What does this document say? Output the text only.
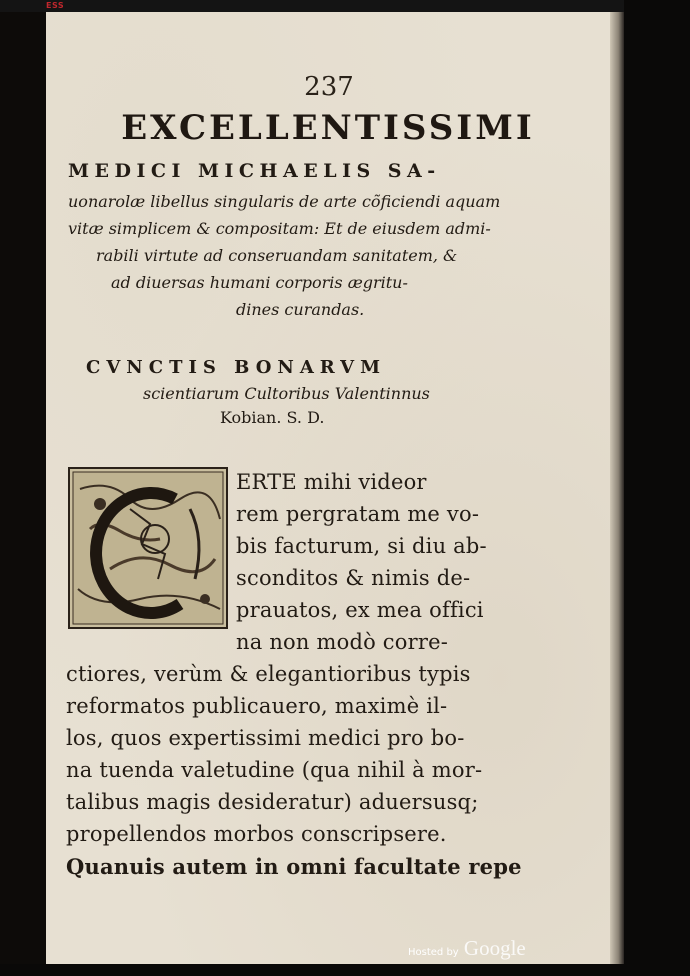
ESS
237
EXCELLENTISSIMI
MEDICI MICHAELIS SA-
uonarolæ libellus singularis de arte cõficiendi aquam
vitæ simplicem & compositam: Et de eiusdem admi-
rabili virtute ad conseruandam sanitatem, &
ad diuersas humani corporis ægritu-
dines curandas.
CVNCTIS BONARVM
scientiarum Cultoribus Valentinnus
Kobian. S. D.
ERTE mihi videor
rem pergratam me vo-
bis facturum, si diu ab-
sconditos & nimis de-
prauatos, ex mea offici
na non modò corre-
ctiores, verùm & elegantioribus typis
reformatos publicauero, maximè il-
los, quos expertissimi medici pro bo-
na tuenda valetudine (qua nihil à mor-
talibus magis desideratur) aduersusq;
propellendos morbos conscripsere.
Quanuis autem in omni facultate repe
Hosted by Google
